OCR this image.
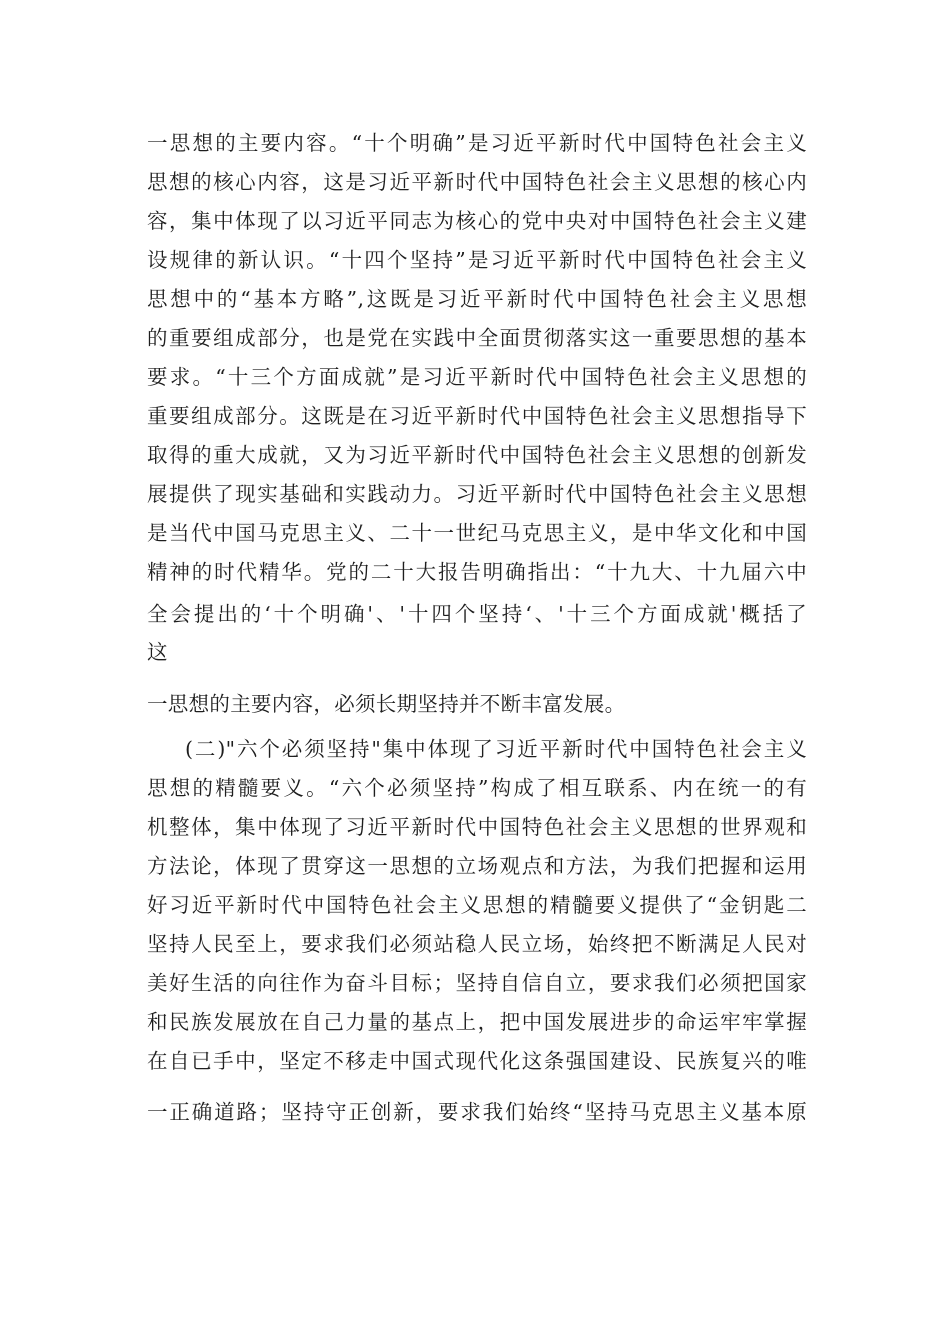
一思想的主要内容。“十个明确”是习近平新时代中国特色社会主义
思想的核心内容，这是习近平新时代中国特色社会主义思想的核心内
容，集中体现了以习近平同志为核心的党中央对中国特色社会主义建
设规律的新认识。“十四个坚持”是习近平新时代中国特色社会主义
思想中的“基本方略”,这既是习近平新时代中国特色社会主义思想
的重要组成部分，也是党在实践中全面贯彻落实这一重要思想的基本
要求。“十三个方面成就”是习近平新时代中国特色社会主义思想的
重要组成部分。这既是在习近平新时代中国特色社会主义思想指导下
取得的重大成就，又为习近平新时代中国特色社会主义思想的创新发
展提供了现实基础和实践动力。习近平新时代中国特色社会主义思想
是当代中国马克思主义、二十一世纪马克思主义，是中华文化和中国
精神的时代精华。党的二十大报告明确指出：“十九大、十九届六中
全会提出的‘十个明确'、'十四个坚持‘、'十三个方面成就'概括了
这
一思想的主要内容，必须长期坚持并不断丰富发展。
(二)"六个必须坚持"集中体现了习近平新时代中国特色社会主义
思想的精髓要义。“六个必须坚持”构成了相互联系、内在统一的有
机整体，集中体现了习近平新时代中国特色社会主义思想的世界观和
方法论，体现了贯穿这一思想的立场观点和方法，为我们把握和运用
好习近平新时代中国特色社会主义思想的精髓要义提供了“金钥匙二
坚持人民至上，要求我们必须站稳人民立场，始终把不断满足人民对
美好生活的向往作为奋斗目标；坚持自信自立，要求我们必须把国家
和民族发展放在自己力量的基点上，把中国发展进步的命运牢牢掌握
在自已手中，坚定不移走中国式现代化这条强国建设、民族复兴的唯
一正确道路；坚持守正创新，要求我们始终“坚持马克思主义基本原
